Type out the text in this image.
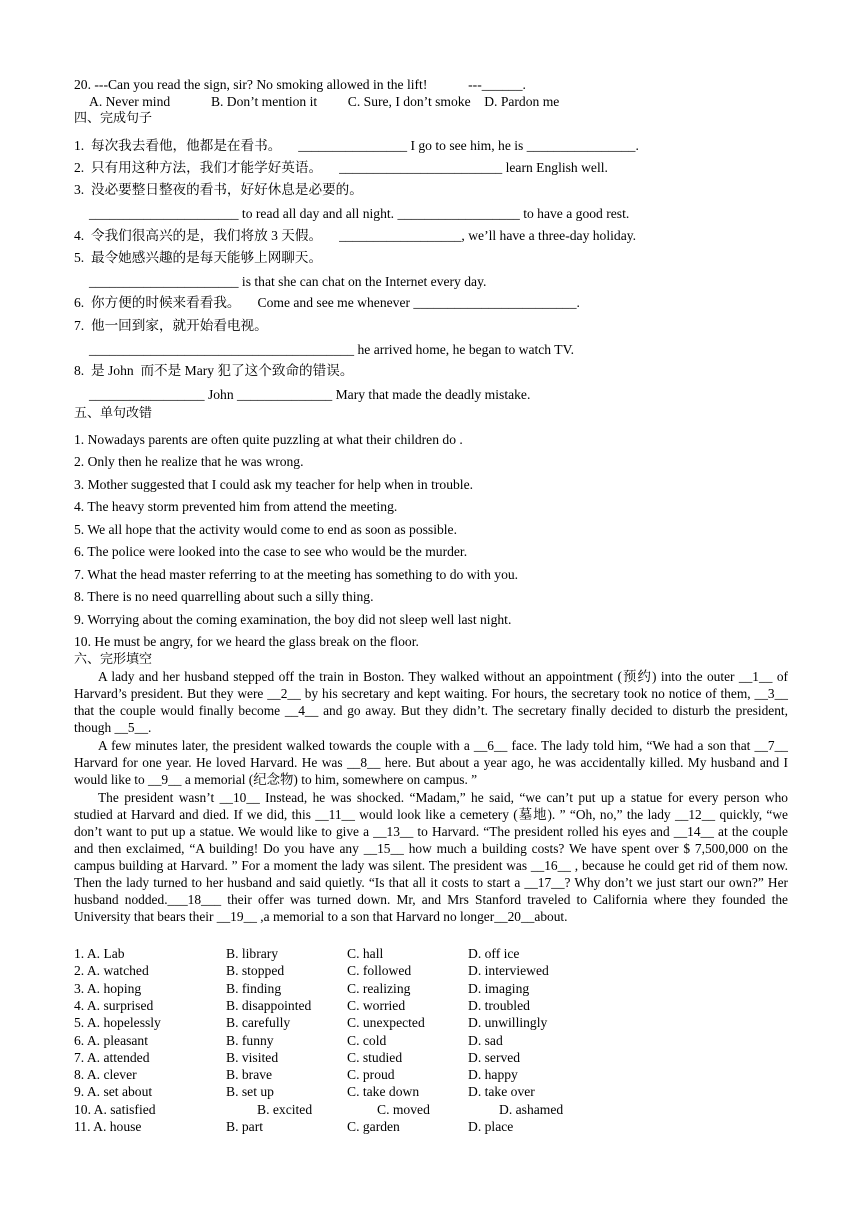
20. ---Can you read the sign, sir? No smoking allowed in the lift!            ---______.
A. Never mind            B. Don’t mention it         C. Sure, I don’t smoke    D. Pardon me
四、完成句子
1.  每次我去看他，他都是在看书。     ________________ I go to see him, he is ________________.
2.  只有用这种方法，我们才能学好英语。     ________________________ learn English well.
3.  没必要整日整夜的看书，好好休息是必要的。
______________________ to read all day and all night. __________________ to have a good rest.
4.  令我们很高兴的是，我们将放 3 天假。     __________________, we’ll have a three-day holiday.
5.  最令她感兴趣的是每天能够上网聊天。
______________________ is that she can chat on the Internet every day.
6.  你方便的时候来看看我。     Come and see me whenever ________________________.
7.  他一回到家，就开始看电视。
_______________________________________ he arrived home, he began to watch TV.
8.  是 John  而不是 Mary 犯了这个致命的错误。
_________________ John ______________ Mary that made the deadly mistake.
五、单句改错
1. Nowadays parents are often quite puzzling at what their children do .
2. Only then he realize that he was wrong.
3. Mother suggested that I could ask my teacher for help when in trouble.
4. The heavy storm prevented him from attend the meeting.
5. We all hope that the activity would come to end as soon as possible.
6. The police were looked into the case to see who would be the murder.
7. What the head master referring to at the meeting has something to do with you.
8. There is no need quarrelling about such a silly thing.
9. Worrying about the coming examination, the boy did not sleep well last night.
10. He must be angry, for we heard the glass break on the floor.
六、完形填空
A lady and her husband stepped off the train in Boston. They walked without an appointment (预约) into the outer __1__ of Harvard’s president. But they were __2__ by his secretary and kept waiting. For hours, the secretary took no notice of them, __3__ that the couple would finally become __4__ and go away. But they didn’t. The secretary finally decided to disturb the president, though __5__.
A few minutes later, the president walked towards the couple with a __6__ face. The lady told him, “We had a son that __7__ Harvard for one year. He loved Harvard. He was __8__ here. But about a year ago, he was accidentally killed. My husband and I would like to __9__ a memorial (纪念物) to him, somewhere on campus. ”
The president wasn’t __10__ Instead, he was shocked. “Madam,” he said, “we can’t put up a statue for every person who studied at Harvard and died. If we did, this __11__ would look like a cemetery (墓地). ” “Oh, no,” the lady __12__ quickly, “we don’t want to put up a statue. We would like to give a __13__ to Harvard. “The president rolled his eyes and __14__ at the couple and then exclaimed, “A building! Do you have any __15__ how much a building costs? We have spent over $ 7,500,000 on the campus building at Harvard. ” For a moment the lady was silent. The president was __16__ , because he could get rid of them now. Then the lady turned to her husband and said quietly. “Is that all it costs to start a __17__? Why don’t we just start our own?” Her husband nodded.___18___ their offer was turned down. Mr, and Mrs Stanford traveled to California where they founded the University that bears their __19__ ,a memorial to a son that Harvard no longer__20__about.
1. A. Lab	B. library	C. hall	D. off ice
2. A. watched	B. stopped	C. followed	D. interviewed
3. A. hoping	B. finding	C. realizing	D. imaging
4. A. surprised	B. disappointed	C. worried	D. troubled
5. A. hopelessly	B. carefully	C. unexpected	D. unwillingly
6. A. pleasant	B. funny	C. cold	D. sad
7. A. attended	B. visited	C. studied	D. served
8. A. clever	B. brave	C. proud	D. happy
9. A. set about	B. set up	C. take down	D. take over
10. A. satisfied	B. excited	C. moved	D. ashamed
11. A. house	B. part	C. garden	D. place
